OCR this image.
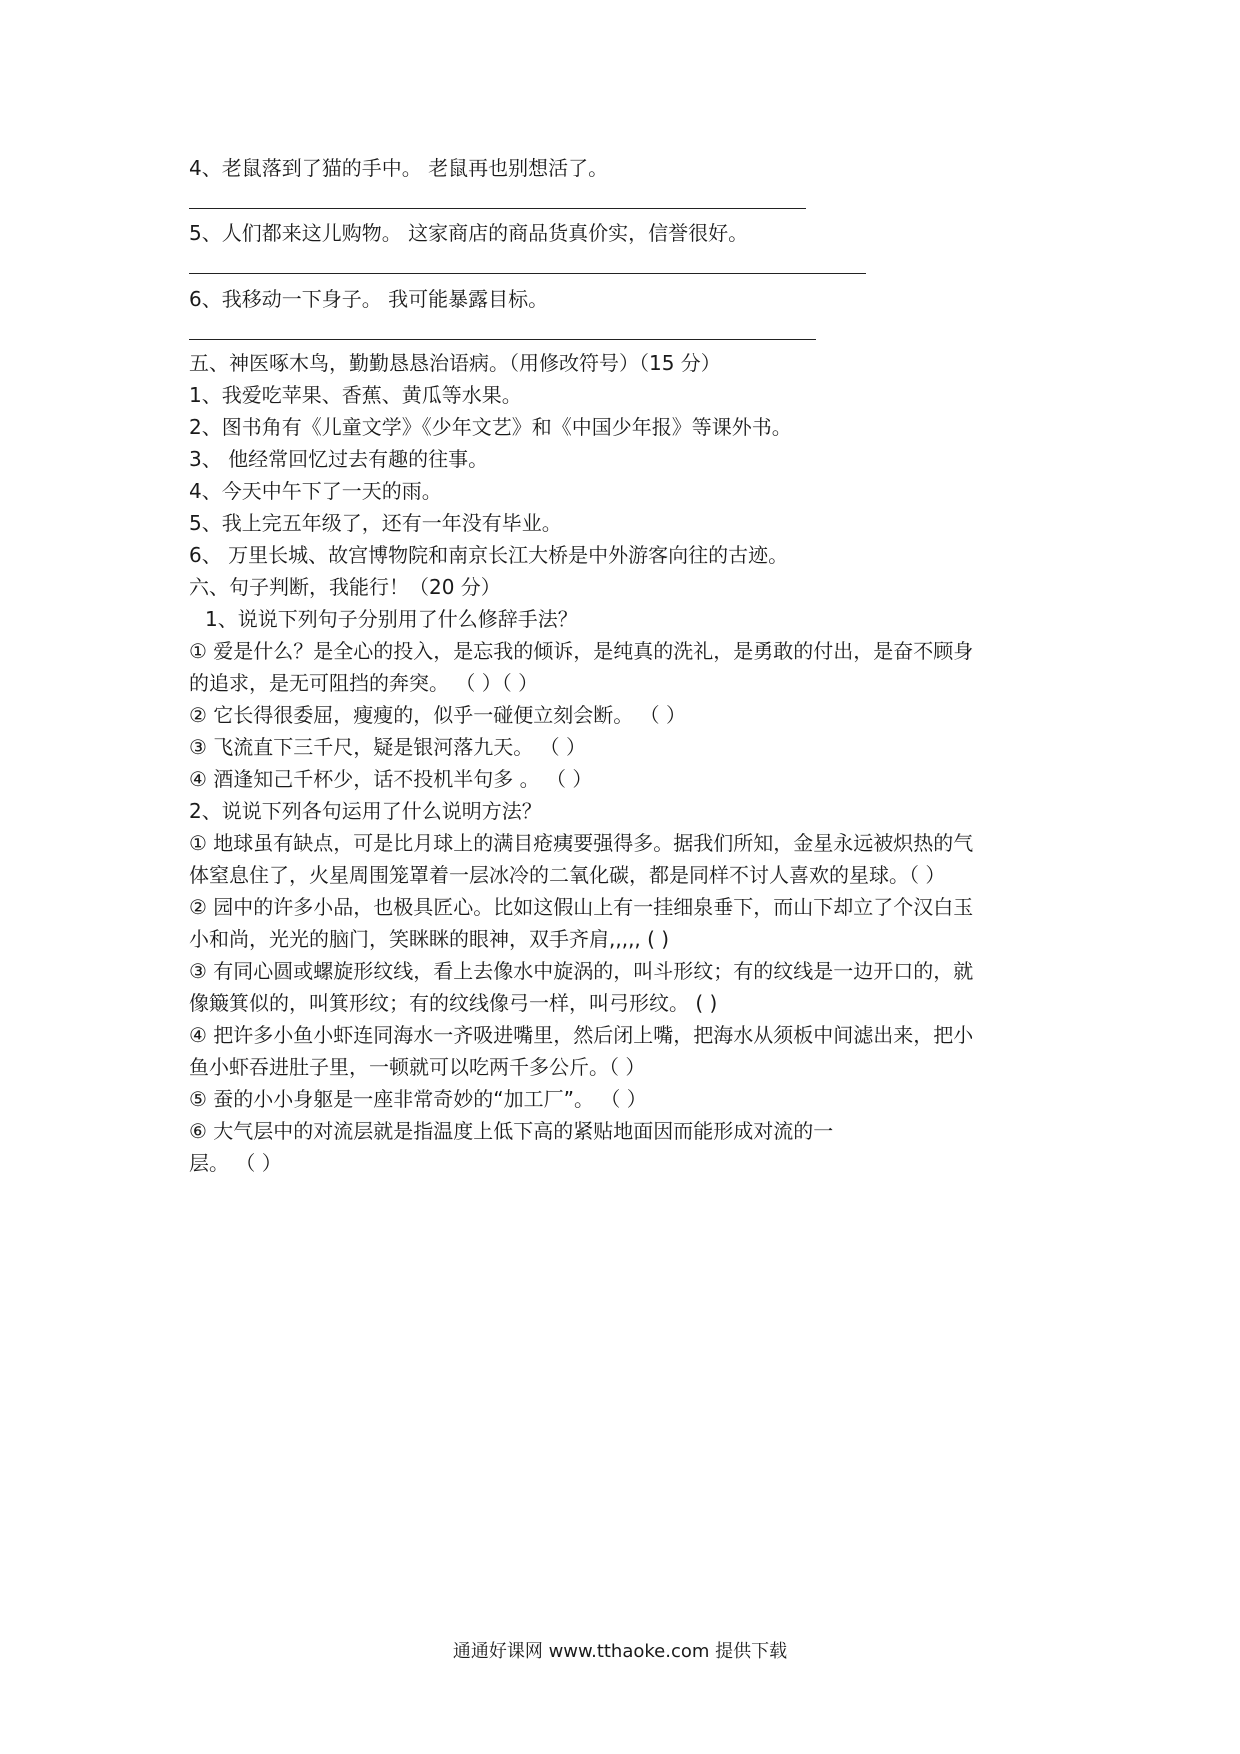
4、老鼠落到了猫的手中。 老鼠再也别想活了。
5、人们都来这儿购物。 这家商店的商品货真价实，信誉很好。
6、我移动一下身子。 我可能暴露目标。
五、神医啄木鸟，勤勤恳恳治语病。（用修改符号）（15 分）
1、我爱吃苹果、香蕉、黄瓜等水果。
2、图书角有《儿童文学》《少年文艺》和《中国少年报》等课外书。
3、 他经常回忆过去有趣的往事。
4、今天中午下了一天的雨。
5、我上完五年级了，还有一年没有毕业。
6、 万里长城、故宫博物院和南京长江大桥是中外游客向往的古迹。
六、句子判断，我能行！（20 分）
1、说说下列句子分别用了什么修辞手法？
① 爱是什么？是全心的投入，是忘我的倾诉，是纯真的洗礼，是勇敢的付出，是奋不顾身
的追求，是无可阻挡的奔突。 （ ）（ ）
② 它长得很委屈，瘦瘦的，似乎一碰便立刻会断。 （ ）
③ 飞流直下三千尺，疑是银河落九天。 （ ）
④ 酒逢知己千杯少，话不投机半句多 。 （ ）
2、说说下列各句运用了什么说明方法？
① 地球虽有缺点，可是比月球上的满目疮痍要强得多。据我们所知，金星永远被炽热的气
体窒息住了，火星周围笼罩着一层冰冷的二氧化碳，都是同样不讨人喜欢的星球。（ ）
② 园中的许多小品，也极具匠心。比如这假山上有一挂细泉垂下，而山下却立了个汉白玉
小和尚，光光的脑门，笑眯眯的眼神，双手齐肩,,,,, ( )
③ 有同心圆或螺旋形纹线，看上去像水中旋涡的，叫斗形纹；有的纹线是一边开口的，就
像簸箕似的，叫箕形纹；有的纹线像弓一样，叫弓形纹。 ( )
④ 把许多小鱼小虾连同海水一齐吸进嘴里，然后闭上嘴，把海水从须板中间滤出来，把小
鱼小虾吞进肚子里，一顿就可以吃两千多公斤。（ ）
⑤ 蚕的小小身躯是一座非常奇妙的“加工厂”。 （ ）
⑥ 大气层中的对流层就是指温度上低下高的紧贴地面因而能形成对流的一
层。 （ ）
通通好课网 www.tthaoke.com 提供下载
